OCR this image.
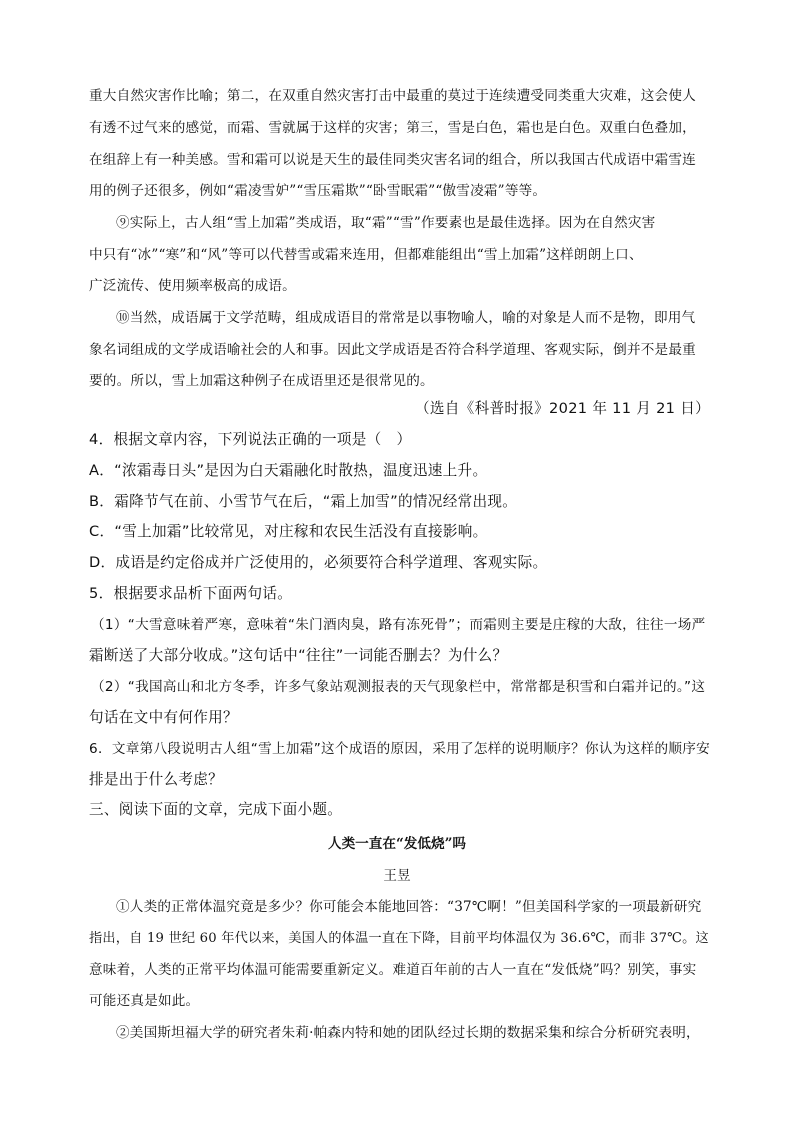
重大自然灾害作比喻；第二，在双重自然灾害打击中最重的莫过于连续遭受同类重大灾难，这会使人

有透不过气来的感觉，而霜、雪就属于这样的灾害；第三，雪是白色，霜也是白色。双重白色叠加，

在组辞上有一种美感。雪和霜可以说是天生的最佳同类灾害名词的组合，所以我国古代成语中霜雪连

用的例子还很多，例如“霜凌雪妒”“雪压霜欺”“卧雪眠霜”“傲雪凌霜”等等。

⑨实际上，古人组“雪上加霜”类成语，取“霜”“雪”作要素也是最佳选择。因为在自然灾害

中只有“冰”“寒”和“风”等可以代替雪或霜来连用，但都难能组出“雪上加霜”这样朗朗上口、

广泛流传、使用频率极高的成语。

⑩当然，成语属于文学范畴，组成成语目的常常是以事物喻人，喻的对象是人而不是物，即用气

象名词组成的文学成语喻社会的人和事。因此文学成语是否符合科学道理、客观实际，倒并不是最重

要的。所以，雪上加霜这种例子在成语里还是很常见的。

（选自《科普时报》2021 年 11 月 21 日）

4．根据文章内容，下列说法正确的一项是（　）

A．“浓霜毒日头”是因为白天霜融化时散热，温度迅速上升。

B．霜降节气在前、小雪节气在后，“霜上加雪”的情况经常出现。

C．“雪上加霜”比较常见，对庄稼和农民生活没有直接影响。

D．成语是约定俗成并广泛使用的，必须要符合科学道理、客观实际。

5．根据要求品析下面两句话。

（1）“大雪意味着严寒，意味着“朱门酒肉臭，路有冻死骨”；而霜则主要是庄稼的大敌，往往一场严

霜断送了大部分收成。”这句话中“往往”一词能否删去？为什么？

（2）“我国高山和北方冬季，许多气象站观测报表的天气现象栏中，常常都是积雪和白霜并记的。”这

句话在文中有何作用？

6．文章第八段说明古人组“雪上加霜”这个成语的原因，采用了怎样的说明顺序？你认为这样的顺序安

排是出于什么考虑？

三、阅读下面的文章，完成下面小题。

人类一直在“发低烧”吗

王昱

①人类的正常体温究竟是多少？你可能会本能地回答：“37℃啊！”但美国科学家的一项最新研究

指出，自 19 世纪 60 年代以来，美国人的体温一直在下降，目前平均体温仅为 36.6℃，而非 37℃。这

意味着，人类的正常平均体温可能需要重新定义。难道百年前的古人一直在“发低烧”吗？别笑，事实

可能还真是如此。

②美国斯坦福大学的研究者朱莉·帕森内特和她的团队经过长期的数据采集和综合分析研究表明，
